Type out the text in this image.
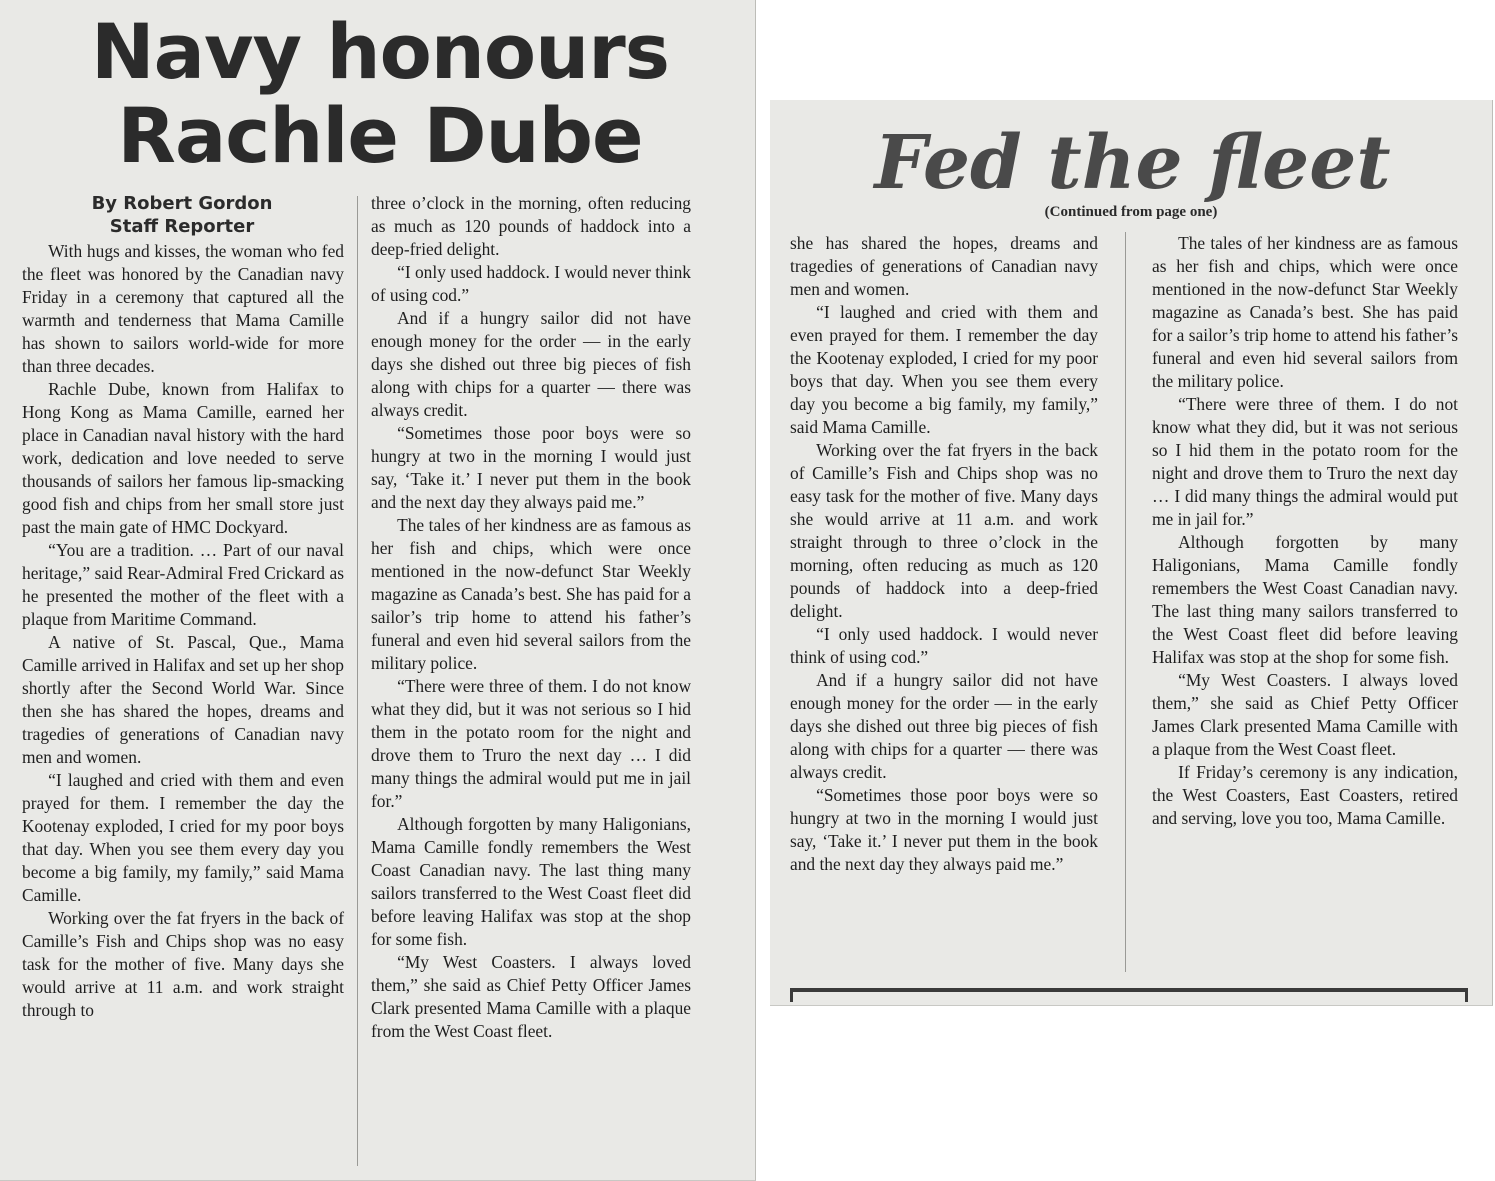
Navy honours Rachle Dube
By Robert Gordon
Staff Reporter

With hugs and kisses, the woman who fed the fleet was honored by the Canadian navy Friday in a ceremony that captured all the warmth and tenderness that Mama Camille has shown to sailors world-wide for more than three decades.

Rachle Dube, known from Halifax to Hong Kong as Mama Camille, earned her place in Canadian naval history with the hard work, dedication and love needed to serve thousands of sailors her famous lip-smacking good fish and chips from her small store just past the main gate of HMC Dockyard.

“You are a tradition. … Part of our naval heritage,” said Rear-Admiral Fred Crickard as he presented the mother of the fleet with a plaque from Maritime Command.

A native of St. Pascal, Que., Mama Camille arrived in Halifax and set up her shop shortly after the Second World War. Since then she has shared the hopes, dreams and tragedies of generations of Canadian navy men and women.

“I laughed and cried with them and even prayed for them. I remember the day the Kootenay exploded, I cried for my poor boys that day. When you see them every day you become a big family, my family,” said Mama Camille.

Working over the fat fryers in the back of Camille’s Fish and Chips shop was no easy task for the mother of five. Many days she would arrive at 11 a.m. and work straight through to

three o’clock in the morning, often reducing as much as 120 pounds of haddock into a deep-fried delight.

“I only used haddock. I would never think of using cod.”

And if a hungry sailor did not have enough money for the order — in the early days she dished out three big pieces of fish along with chips for a quarter — there was always credit.

“Sometimes those poor boys were so hungry at two in the morning I would just say, ‘Take it.’ I never put them in the book and the next day they always paid me.”

The tales of her kindness are as famous as her fish and chips, which were once mentioned in the now-defunct Star Weekly magazine as Canada’s best. She has paid for a sailor’s trip home to attend his father’s funeral and even hid several sailors from the military police.

“There were three of them. I do not know what they did, but it was not serious so I hid them in the potato room for the night and drove them to Truro the next day … I did many things the admiral would put me in jail for.”

Although forgotten by many Haligonians, Mama Camille fondly remembers the West Coast Canadian navy. The last thing many sailors transferred to the West Coast fleet did before leaving Halifax was stop at the shop for some fish.

“My West Coasters. I always loved them,” she said as Chief Petty Officer James Clark presented Mama Camille with a plaque from the West Coast fleet.

Fed the fleet
(Continued from page one)

she has shared the hopes, dreams and tragedies of generations of Canadian navy men and women.

“I laughed and cried with them and even prayed for them. I remember the day the Kootenay exploded, I cried for my poor boys that day. When you see them every day you become a big family, my family,” said Mama Camille.

Working over the fat fryers in the back of Camille’s Fish and Chips shop was no easy task for the mother of five. Many days she would arrive at 11 a.m. and work straight through to three o’clock in the morning, often reducing as much as 120 pounds of haddock into a deep-fried delight.

“I only used haddock. I would never think of using cod.”

And if a hungry sailor did not have enough money for the order — in the early days she dished out three big pieces of fish along with chips for a quarter — there was always credit.

“Sometimes those poor boys were so hungry at two in the morning I would just say, ‘Take it.’ I never put them in the book and the next day they always paid me.”

The tales of her kindness are as famous as her fish and chips, which were once mentioned in the now-defunct Star Weekly magazine as Canada’s best. She has paid for a sailor’s trip home to attend his father’s funeral and even hid several sailors from the military police.

“There were three of them. I do not know what they did, but it was not serious so I hid them in the potato room for the night and drove them to Truro the next day … I did many things the admiral would put me in jail for.”

Although forgotten by many Haligonians, Mama Camille fondly remembers the West Coast Canadian navy. The last thing many sailors transferred to the West Coast fleet did before leaving Halifax was stop at the shop for some fish.

“My West Coasters. I always loved them,” she said as Chief Petty Officer James Clark presented Mama Camille with a plaque from the West Coast fleet.

If Friday’s ceremony is any indication, the West Coasters, East Coasters, retired and serving, love you too, Mama Camille.
